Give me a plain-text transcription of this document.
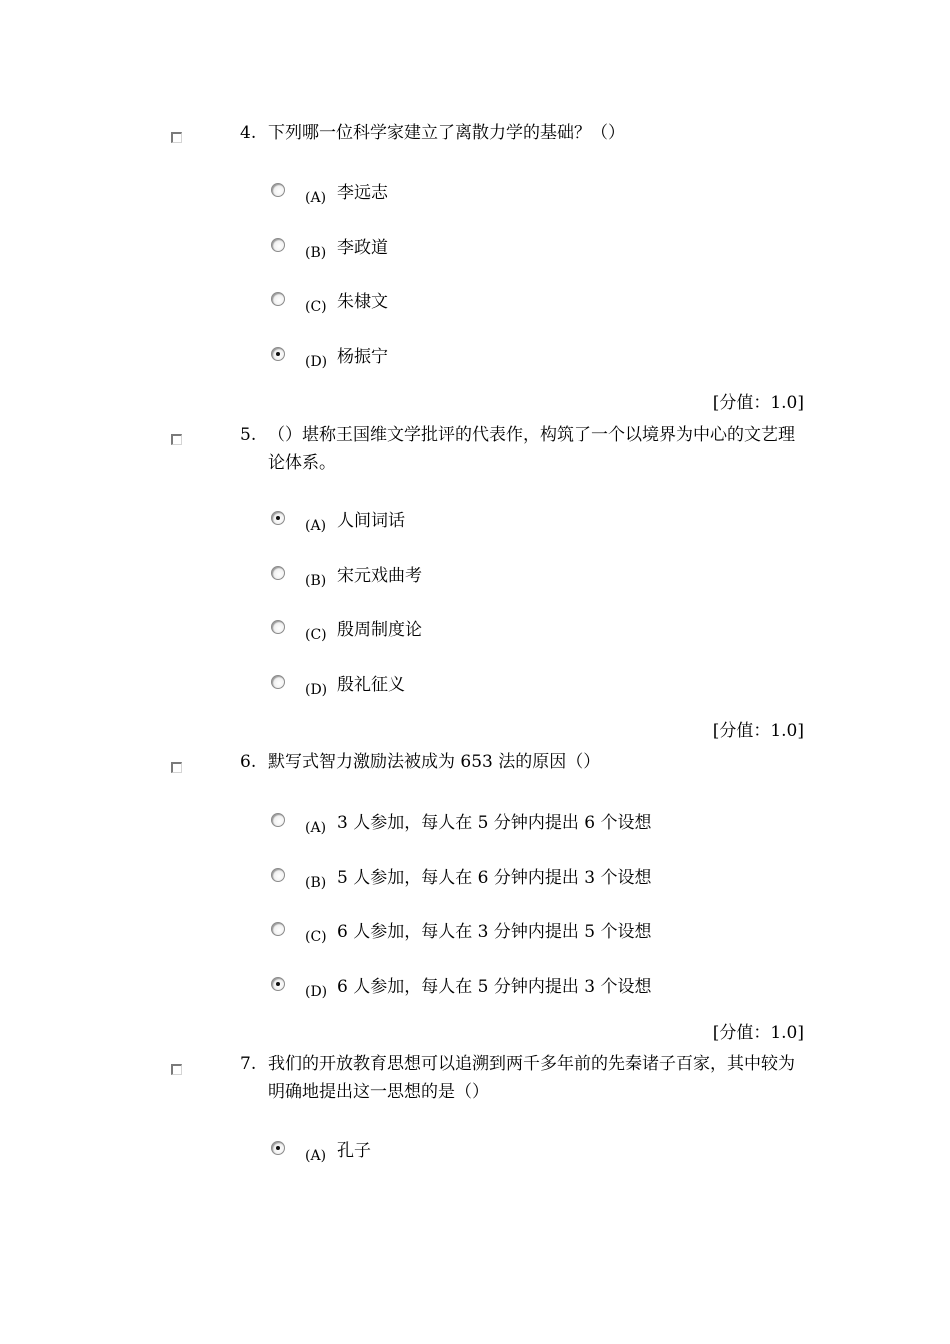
4. 下列哪一位科学家建立了离散力学的基础？（）
(A) 李远志
(B) 李政道
(C) 朱棣文
(D) 杨振宁
[分值：1.0]
5. （）堪称王国维文学批评的代表作，构筑了一个以境界为中心的文艺理论体系。
(A) 人间词话
(B) 宋元戏曲考
(C) 殷周制度论
(D) 殷礼征义
[分值：1.0]
6. 默写式智力激励法被成为 653 法的原因（）
(A) 3 人参加，每人在 5 分钟内提出 6 个设想
(B) 5 人参加，每人在 6 分钟内提出 3 个设想
(C) 6 人参加，每人在 3 分钟内提出 5 个设想
(D) 6 人参加，每人在 5 分钟内提出 3 个设想
[分值：1.0]
7. 我们的开放教育思想可以追溯到两千多年前的先秦诸子百家，其中较为明确地提出这一思想的是（）
(A) 孔子
